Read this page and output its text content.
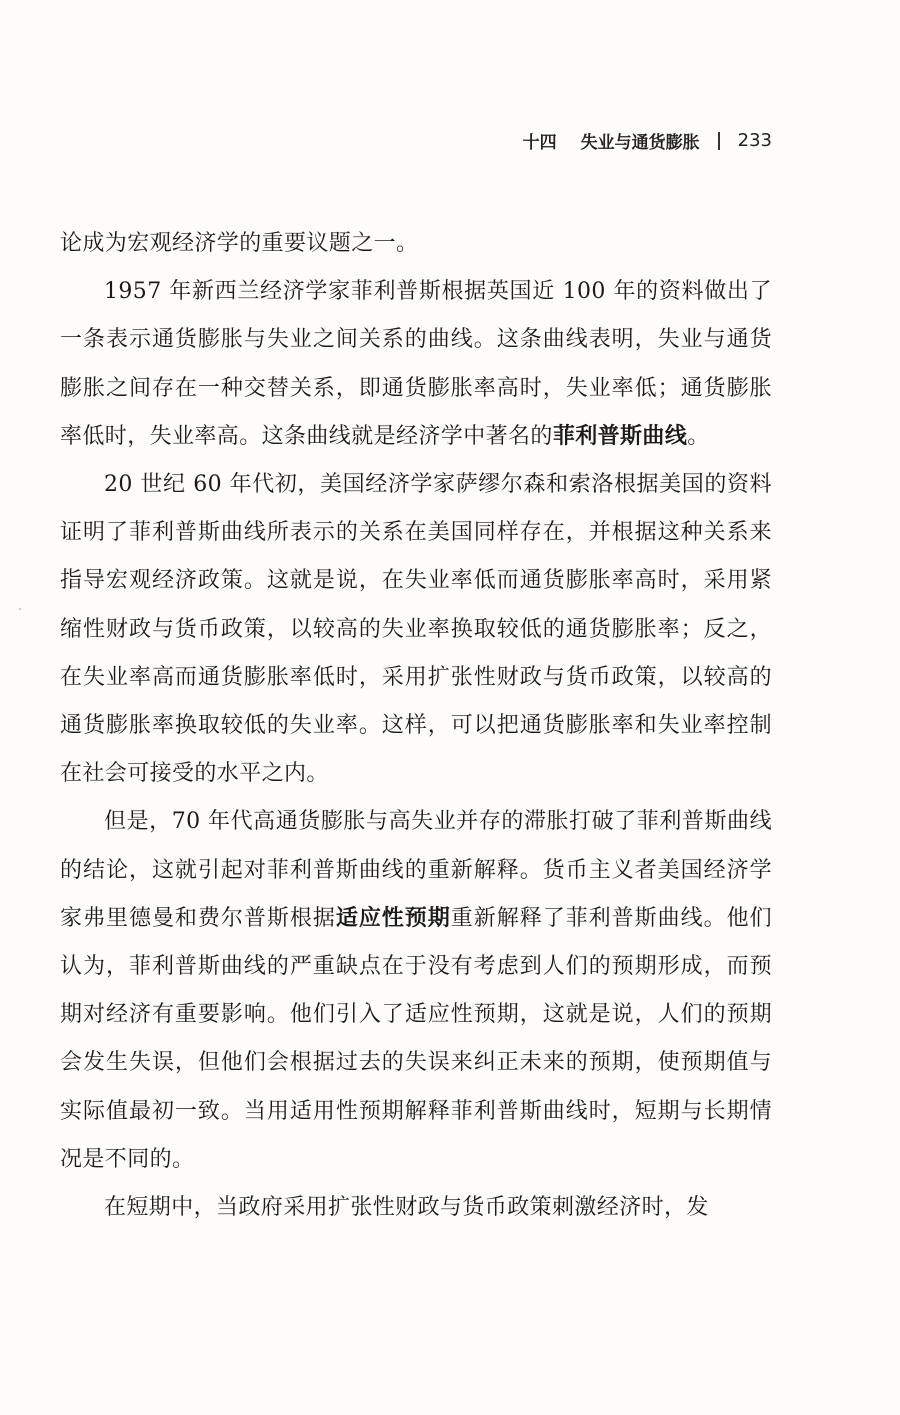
十四 失业与通货膨胀 233

论成为宏观经济学的重要议题之一。

1957 年新西兰经济学家菲利普斯根据英国近 100 年的资料做出了一条表示通货膨胀与失业之间关系的曲线。这条曲线表明，失业与通货膨胀之间存在一种交替关系，即通货膨胀率高时，失业率低；通货膨胀率低时，失业率高。这条曲线就是经济学中著名的菲利普斯曲线。

20 世纪 60 年代初，美国经济学家萨缪尔森和索洛根据美国的资料证明了菲利普斯曲线所表示的关系在美国同样存在，并根据这种关系来指导宏观经济政策。这就是说，在失业率低而通货膨胀率高时，采用紧缩性财政与货币政策，以较高的失业率换取较低的通货膨胀率；反之，在失业率高而通货膨胀率低时，采用扩张性财政与货币政策，以较高的通货膨胀率换取较低的失业率。这样，可以把通货膨胀率和失业率控制在社会可接受的水平之内。

但是，70 年代高通货膨胀与高失业并存的滞胀打破了菲利普斯曲线的结论，这就引起对菲利普斯曲线的重新解释。货币主义者美国经济学家弗里德曼和费尔普斯根据适应性预期重新解释了菲利普斯曲线。他们认为，菲利普斯曲线的严重缺点在于没有考虑到人们的预期形成，而预期对经济有重要影响。他们引入了适应性预期，这就是说，人们的预期会发生失误，但他们会根据过去的失误来纠正未来的预期，使预期值与实际值最初一致。当用适用性预期解释菲利普斯曲线时，短期与长期情况是不同的。

在短期中，当政府采用扩张性财政与货币政策刺激经济时，发
